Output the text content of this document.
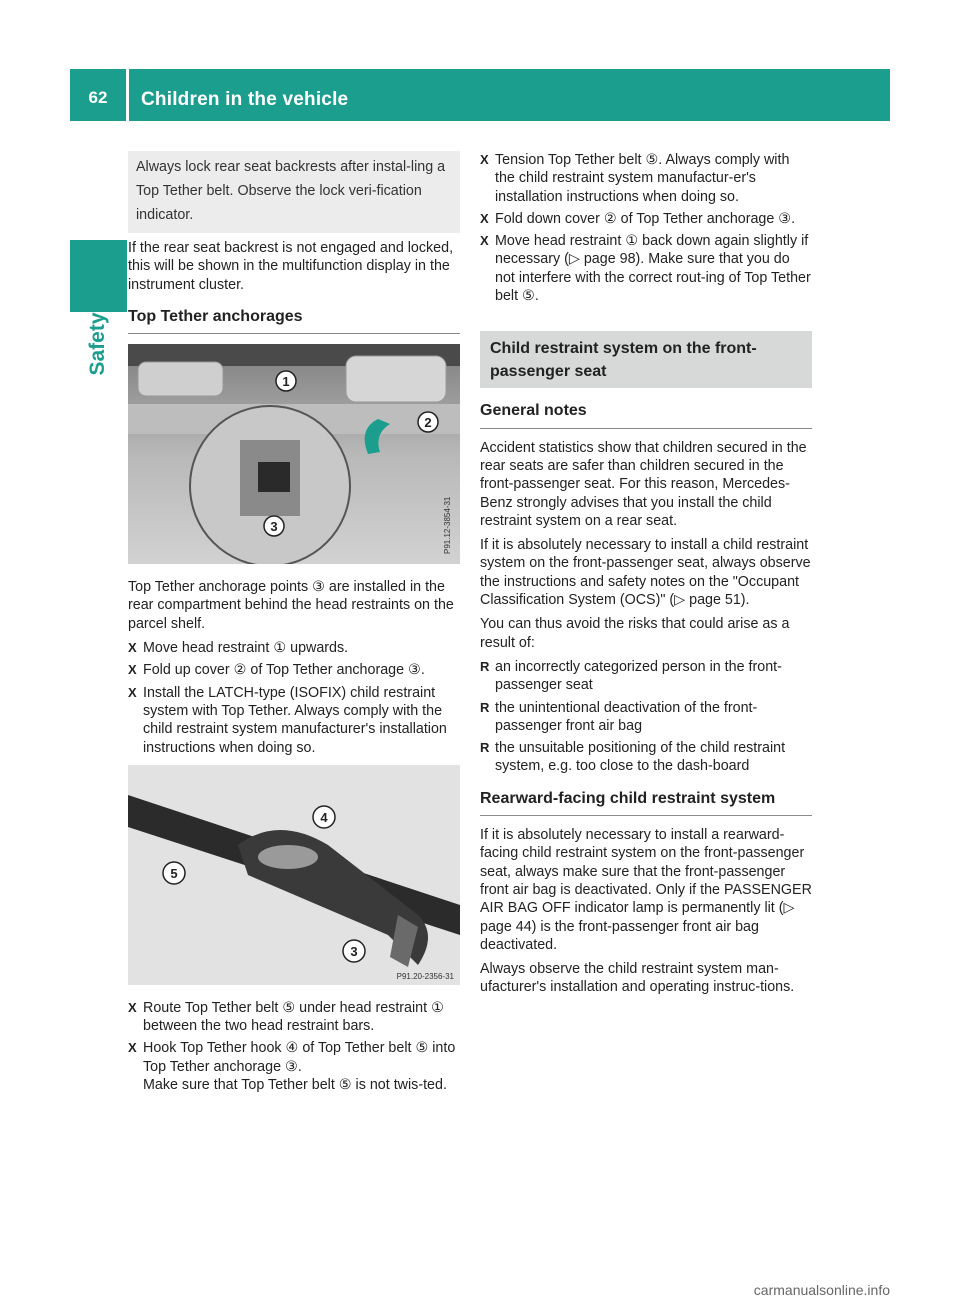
62	Children in the vehicle
Safety
Always lock rear seat backrests after instal-ling a Top Tether belt. Observe the lock veri-fication indicator.

If the rear seat backrest is not engaged and locked, this will be shown in the multifunction display in the instrument cluster.

Top Tether anchorages
1
2
3	P91.12-3854-31

Top Tether anchorage points ③ are installed in the rear compartment behind the head restraints on the parcel shelf.

X Move head restraint ① upwards.
X Fold up cover ② of Top Tether anchorage ③.
X Install the LATCH-type (ISOFIX) child restraint system with Top Tether. Always comply with the child restraint system manufacturer's installation instructions when doing so.
4
5
3
P91.20-2356-31
X Route Top Tether belt ⑤ under head restraint ① between the two head restraint bars.
X Hook Top Tether hook ④ of Top Tether belt ⑤ into Top Tether anchorage ③.
Make sure that Top Tether belt ⑤ is not twis-ted.
X Tension Top Tether belt ⑤. Always comply with the child restraint system manufactur-er's installation instructions when doing so.
X Fold down cover ② of Top Tether anchorage ③.
X Move head restraint ① back down again slightly if necessary (▷ page 98). Make sure that you do not interfere with the correct rout-ing of Top Tether belt ⑤.
Child restraint system on the front-passenger seat
General notes

Accident statistics show that children secured in the rear seats are safer than children secured in the front-passenger seat. For this reason, Mercedes-Benz strongly advises that you install the child restraint system on a rear seat.

If it is absolutely necessary to install a child restraint system on the front-passenger seat, always observe the instructions and safety notes on the "Occupant Classification System (OCS)" (▷ page 51).

You can thus avoid the risks that could arise as a result of:

R an incorrectly categorized person in the front-passenger seat
R the unintentional deactivation of the front-passenger front air bag
R the unsuitable positioning of the child restraint system, e.g. too close to the dash-board
Rearward-facing child restraint system

If it is absolutely necessary to install a rearward-facing child restraint system on the front-passenger seat, always make sure that the front-passenger front air bag is deactivated. Only if the PASSENGER AIR BAG OFF indicator lamp is permanently lit (▷ page 44) is the front-passenger front air bag deactivated.

Always observe the child restraint system man-ufacturer's installation and operating instruc-tions.

carmanualsonline.info
